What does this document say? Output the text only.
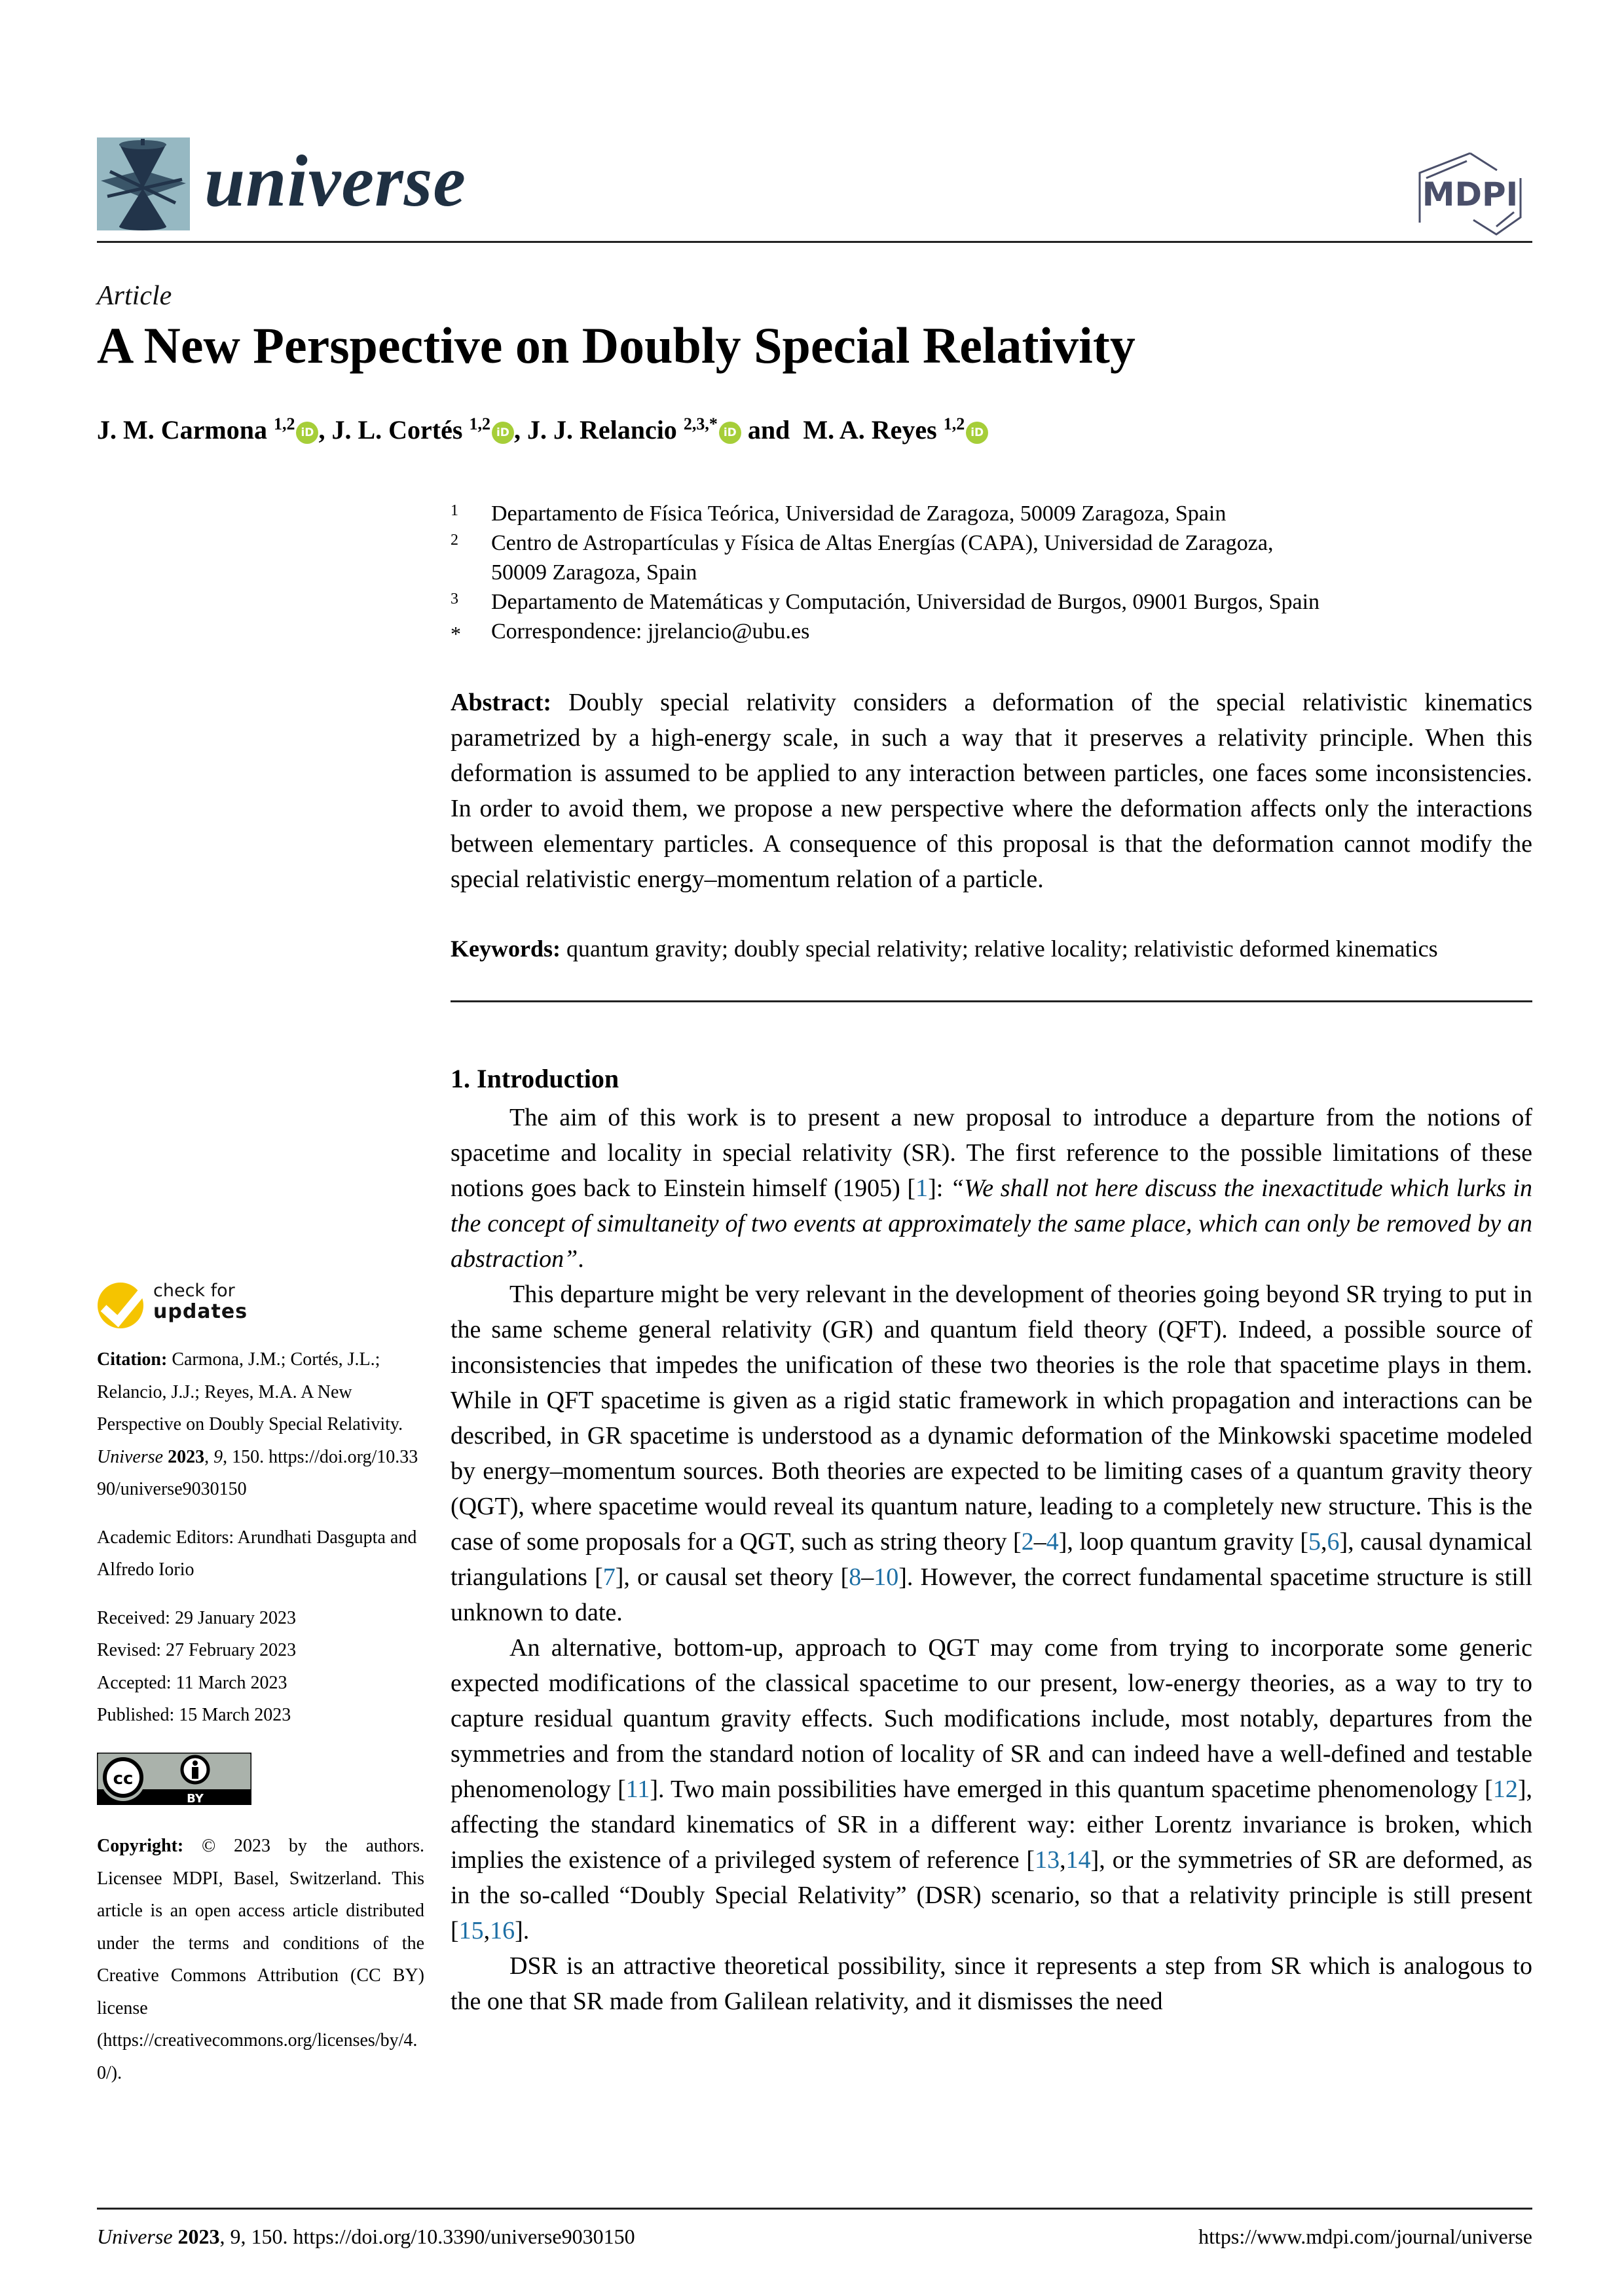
universe	MDPI
Article
A New Perspective on Doubly Special Relativity
J. M. Carmona $^{1,2}$ iD , J. L. Cortés $^{1,2}$ iD , J. J. Relancio $^{2,3,*}$ iD and  M. A. Reyes $^{1,2}$ iD
1 Departamento de Física Teórica, Universidad de Zaragoza, 50009 Zaragoza, Spain
2 Centro de Astropartículas y Física de Altas Energías (CAPA), Universidad de Zaragoza, 50009 Zaragoza, Spain
3 Departamento de Matemáticas y Computación, Universidad de Burgos, 09001 Burgos, Spain
* Correspondence: jjrelancio@ubu.es
Abstract: Doubly special relativity considers a deformation of the special relativistic kinematics parametrized by a high-energy scale, in such a way that it preserves a relativity principle. When this deformation is assumed to be applied to any interaction between particles, one faces some inconsistencies. In order to avoid them, we propose a new perspective where the deformation affects only the interactions between elementary particles. A consequence of this proposal is that the deformation cannot modify the special relativistic energy–momentum relation of a particle.
Keywords: quantum gravity; doubly special relativity; relative locality; relativistic deformed kinematics
1. Introduction

The aim of this work is to present a new proposal to introduce a departure from the notions of spacetime and locality in special relativity (SR). The first reference to the possible limitations of these notions goes back to Einstein himself (1905) [1]: “We shall not here discuss the inexactitude which lurks in the concept of simultaneity of two events at approximately the same place, which can only be removed by an abstraction”.

This departure might be very relevant in the development of theories going beyond SR trying to put in the same scheme general relativity (GR) and quantum field theory (QFT). Indeed, a possible source of inconsistencies that impedes the unification of these two theories is the role that spacetime plays in them. While in QFT spacetime is given as a rigid static framework in which propagation and interactions can be described, in GR spacetime is understood as a dynamic deformation of the Minkowski spacetime modeled by energy–momentum sources. Both theories are expected to be limiting cases of a quantum gravity theory (QGT), where spacetime would reveal its quantum nature, leading to a completely new structure. This is the case of some proposals for a QGT, such as string theory [2–4], loop quantum gravity [5,6], causal dynamical triangulations [7], or causal set theory [8–10]. However, the correct fundamental spacetime structure is still unknown to date.

An alternative, bottom-up, approach to QGT may come from trying to incorporate some generic expected modifications of the classical spacetime to our present, low-energy theories, as a way to try to capture residual quantum gravity effects. Such modifications include, most notably, departures from the symmetries and from the standard notion of locality of SR and can indeed have a well-defined and testable phenomenology [11]. Two main possibilities have emerged in this quantum spacetime phenomenology [12], affecting the standard kinematics of SR in a different way: either Lorentz invariance is broken, which implies the existence of a privileged system of reference [13,14], or the symmetries of SR are deformed, as in the so-called “Doubly Special Relativity” (DSR) scenario, so that a relativity principle is still present [15,16].

DSR is an attractive theoretical possibility, since it represents a step from SR which is analogous to the one that SR made from Galilean relativity, and it dismisses the need

check for
updates
Citation: Carmona, J.M.; Cortés, J.L.; Relancio, J.J.; Reyes, M.A. A New Perspective on Doubly Special Relativity. Universe 2023, 9, 150. https://doi.org/10.3390/universe9030150
Academic Editors: Arundhati Dasgupta and Alfredo Iorio
Received: 29 January 2023
Revised: 27 February 2023
Accepted: 11 March 2023
Published: 15 March 2023
cc
BY
Copyright: © 2023 by the authors. Licensee MDPI, Basel, Switzerland. This article is an open access article distributed under the terms and conditions of the Creative Commons Attribution (CC BY) license (https://creativecommons.org/licenses/by/4.0/).
Universe 2023, 9, 150. https://doi.org/10.3390/universe9030150	https://www.mdpi.com/journal/universe
